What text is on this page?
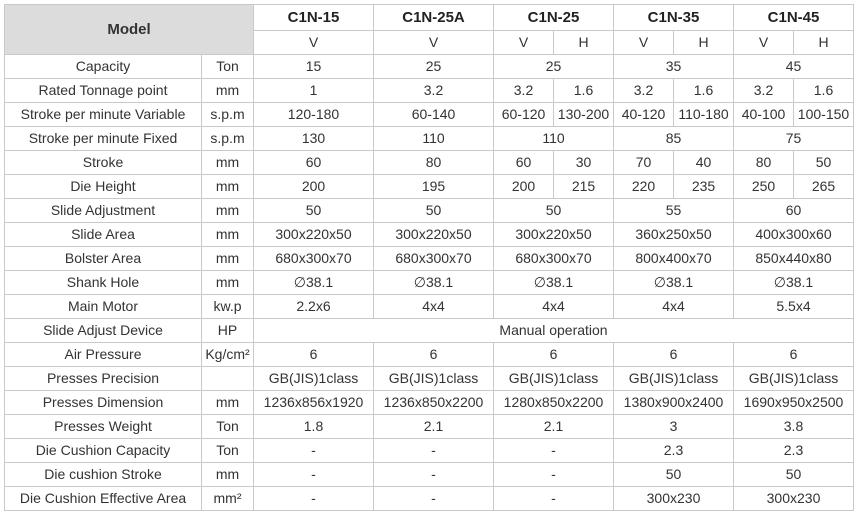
Model		C1N-15	C1N-25A	C1N-25		C1N-35		C1N-45	
		V	V	V	H	V	H	V	H
Capacity	Ton	15	25	25		35		45	
Rated Tonnage point	mm	1	3.2	3.2	1.6	3.2	1.6	3.2	1.6
Stroke per minute Variable	s.p.m	120-180	60-140	60-120	130-200	40-120	110-180	40-100	100-150
Stroke per minute Fixed	s.p.m	130	110	110		85		75	
Stroke	mm	60	80	60	30	70	40	80	50
Die Height	mm	200	195	200	215	220	235	250	265
Slide Adjustment	mm	50	50	50		55		60	
Slide Area	mm	300x220x50	300x220x50	300x220x50		360x250x50		400x300x60	
Bolster Area	mm	680x300x70	680x300x70	680x300x70		800x400x70		850x440x80	
Shank Hole	mm	∅38.1	∅38.1	∅38.1		∅38.1		∅38.1	
Main Motor	kw.p	2.2x6	4x4	4x4		4x4		5.5x4	
Slide Adjust Device	HP	Manual operation							
Air Pressure	Kg/cm²	6	6	6		6		6	
Presses Precision		GB(JIS)1class	GB(JIS)1class	GB(JIS)1class		GB(JIS)1class		GB(JIS)1class	
Presses Dimension	mm	1236x856x1920	1236x850x2200	1280x850x2200		1380x900x2400		1690x950x2500	
Presses Weight	Ton	1.8	2.1	2.1		3		3.8	
Die Cushion Capacity	Ton	-	-	-		2.3		2.3	
Die cushion Stroke	mm	-	-	-		50		50	
Die Cushion Effective Area	mm²	-	-	-		300x230		300x230	
